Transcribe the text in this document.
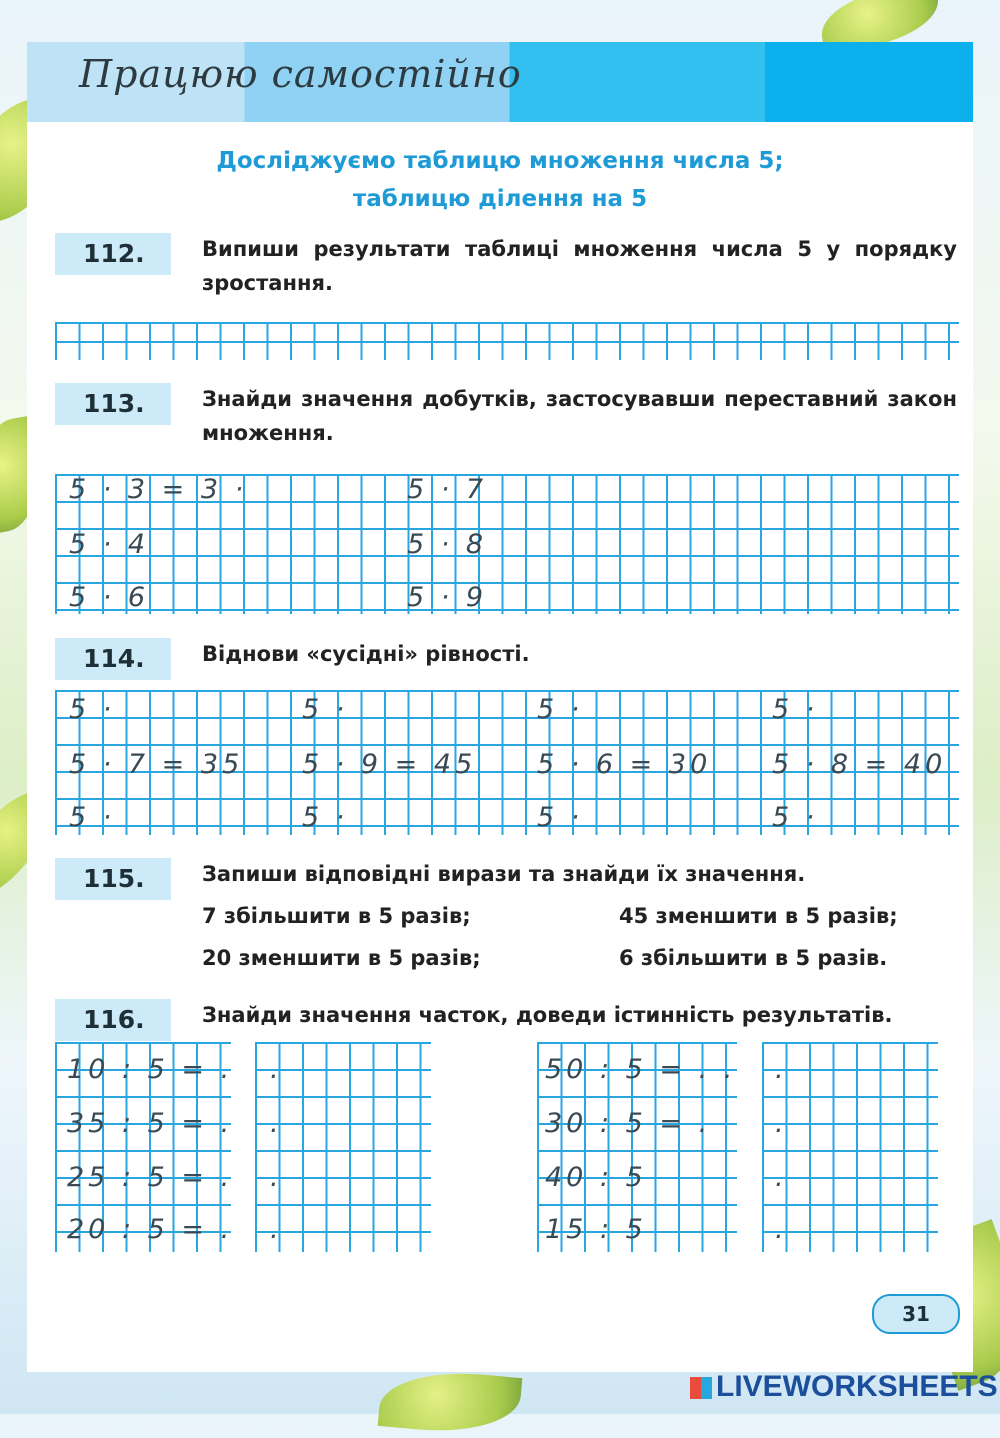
Працюю самостійно
Досліджуємо таблицю множення числа 5;
таблицю ділення на 5
112.	Випиши результати таблиці множення числа 5 у порядку зростання.
113.	Знайди значення добутків, застосувавши переставний закон множення.
5 · 3 = 3 ·
5 · 4
5 · 6
5 · 7
5 · 8
5 · 9
114.	Віднови «сусідні» рівності.
5 ·
5 · 7 = 35
5 ·
5 ·
5 · 9 = 45
5 ·
5 ·
5 · 6 = 30
5 ·
5 ·
5 · 8 = 40
5 ·
115.	Запиши відповідні вирази та знайди їх значення.
7 збільшити в 5 разів;	45 зменшити в 5 разів;
20 зменшити в 5 разів;	6 збільшити в 5 разів.
116.	Знайди значення часток, доведи істинність результатів.
10 : 5 = .
35 : 5 = .
25 : 5 = .
20 : 5 = .
.
.
.
.
50 : 5 = . .
30 : 5 = .
40 : 5
15 : 5
.
.
.
.
31
LIVEWORKSHEETS
